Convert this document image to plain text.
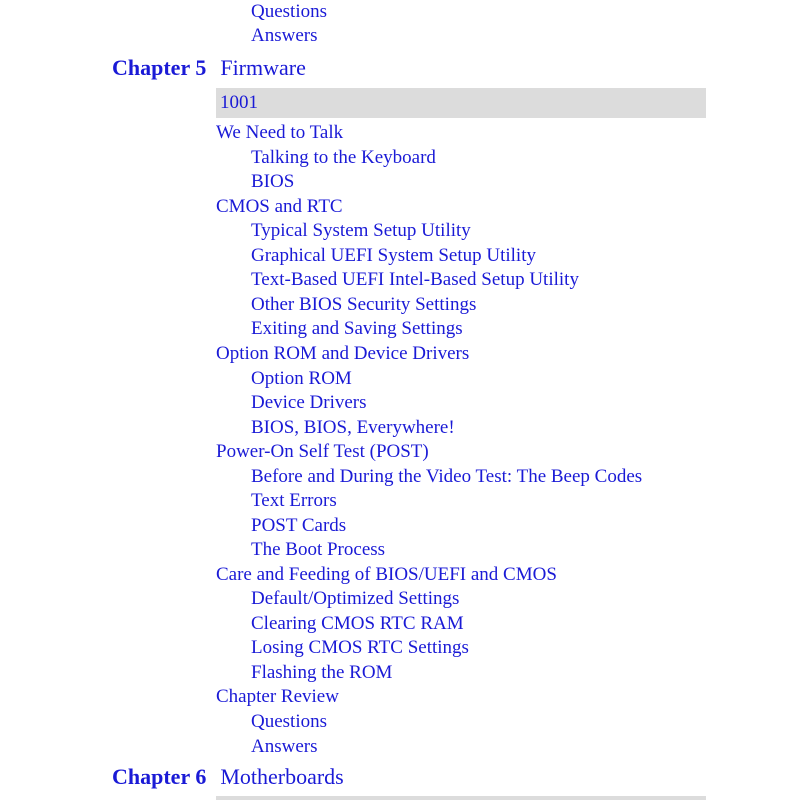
Questions
Answers
Chapter 5 Firmware
1001
We Need to Talk
Talking to the Keyboard
BIOS
CMOS and RTC
Typical System Setup Utility
Graphical UEFI System Setup Utility
Text-Based UEFI Intel-Based Setup Utility
Other BIOS Security Settings
Exiting and Saving Settings
Option ROM and Device Drivers
Option ROM
Device Drivers
BIOS, BIOS, Everywhere!
Power-On Self Test (POST)
Before and During the Video Test: The Beep Codes
Text Errors
POST Cards
The Boot Process
Care and Feeding of BIOS/UEFI and CMOS
Default/Optimized Settings
Clearing CMOS RTC RAM
Losing CMOS RTC Settings
Flashing the ROM
Chapter Review
Questions
Answers
Chapter 6 Motherboards
